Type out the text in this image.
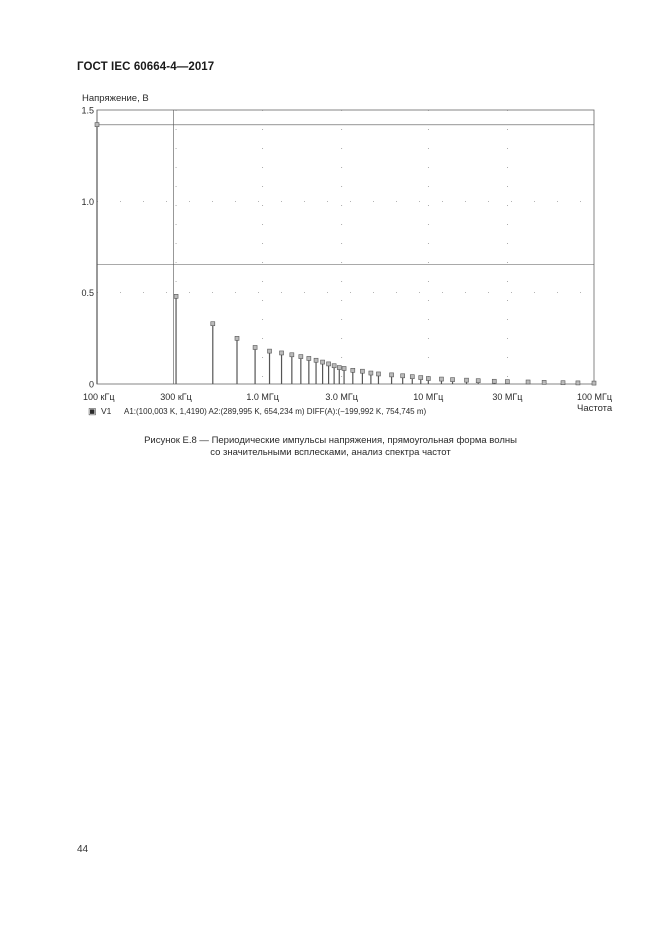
ГОСТ IEC 60664-4—2017
Напряжение, В
0
0.5
1.0
1.5
100 кГц	300 кГц	1.0 МГц	3.0 МГц	10 МГц	30 МГц	100 МГц
Частота
▣ V1 A1:(100,003 K, 1,4190) A2:(289,995 K, 654,234 m) DIFF(A):(−199,992 K, 754,745 m)
Рисунок Е.8 — Периодические импульсы напряжения, прямоугольная форма волны
со значительными всплесками, анализ спектра частот
44
